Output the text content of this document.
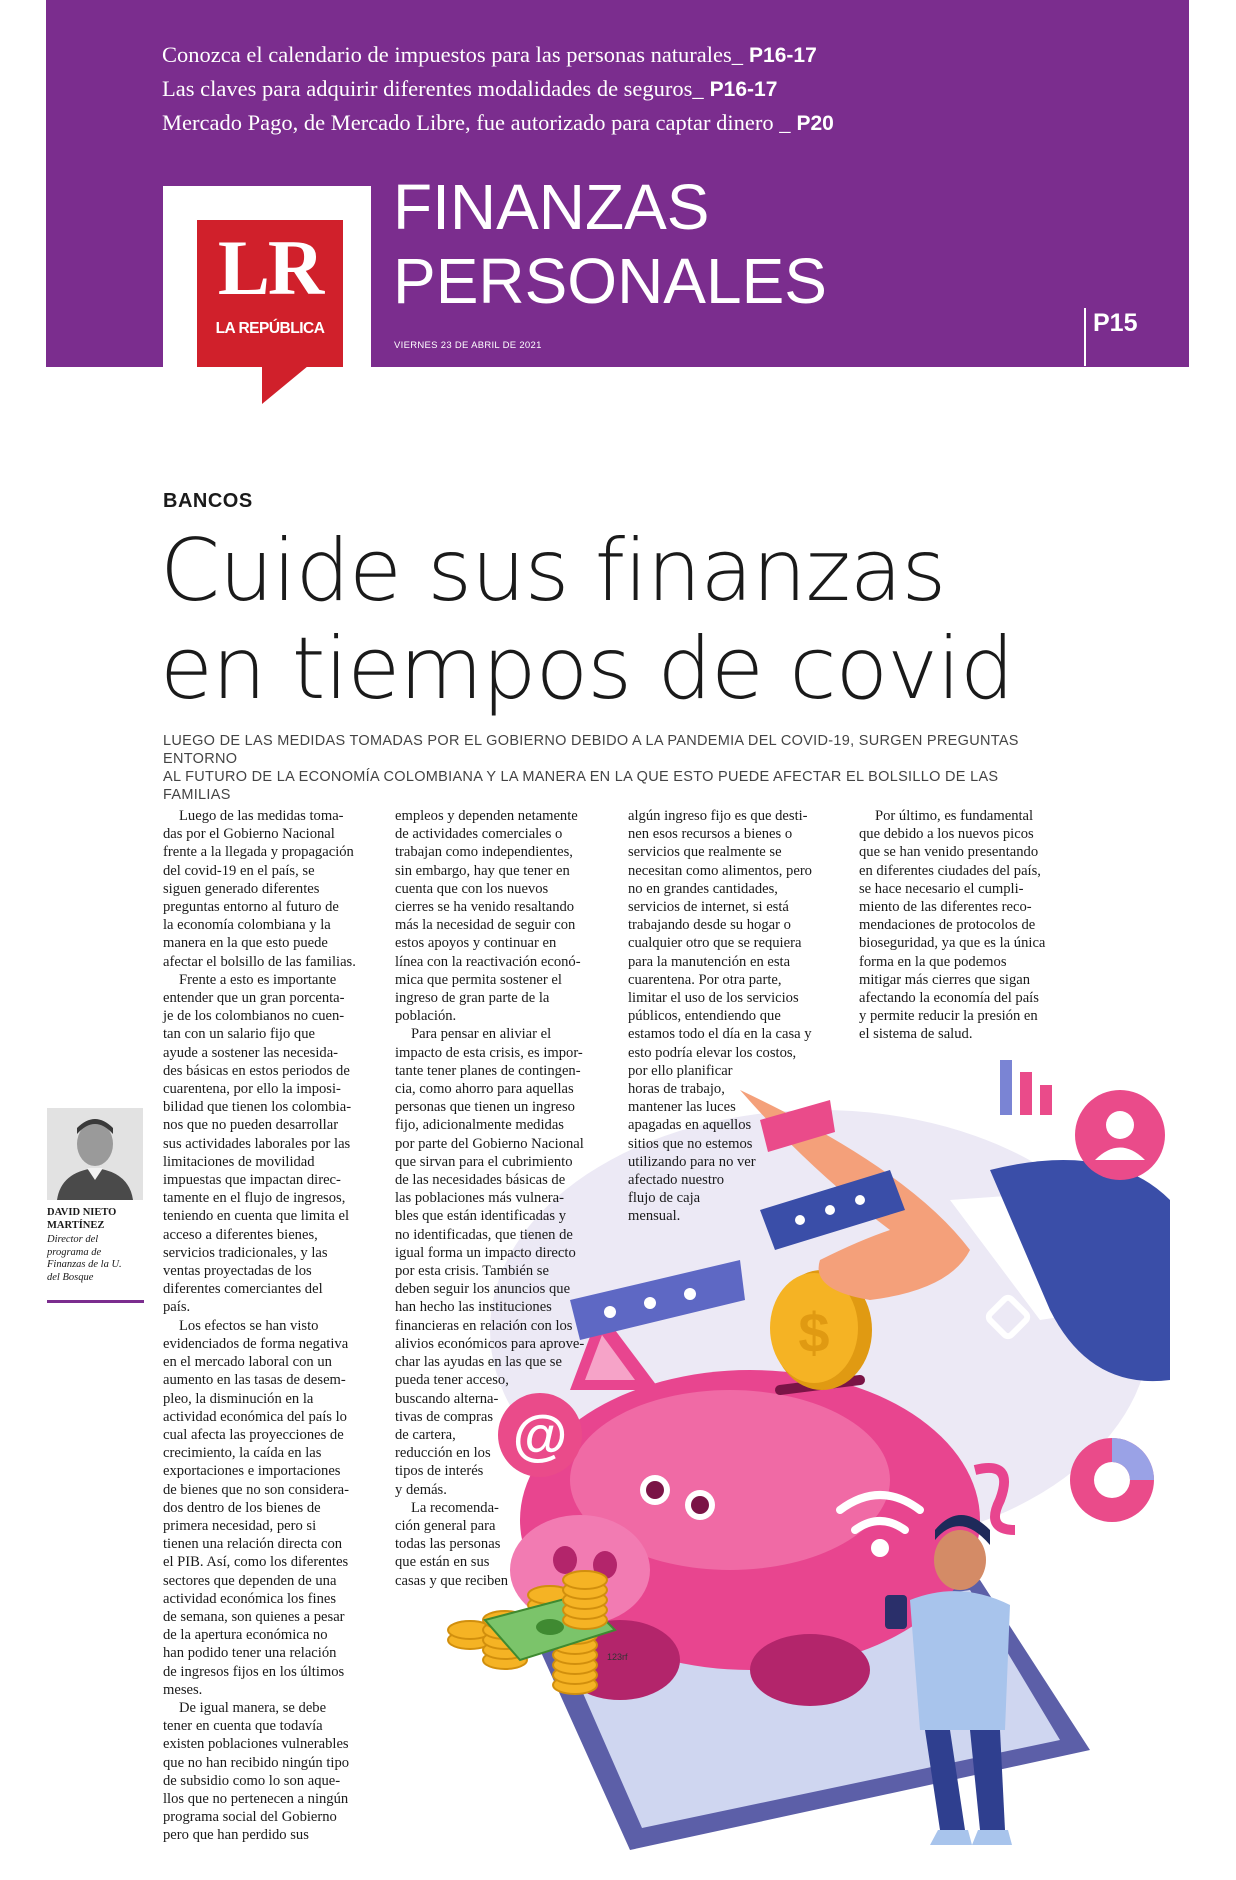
Conozca el calendario de impuestos para las personas naturales_ P16-17
Las claves para adquirir diferentes modalidades de seguros_ P16-17
Mercado Pago, de Mercado Libre, fue autorizado para captar dinero _ P20
LR
LA REPÚBLICA
FINANZAS
PERSONALES
VIERNES 23 DE ABRIL DE 2021
P15
BANCOS
Cuide sus finanzas
en tiempos de covid
LUEGO DE LAS MEDIDAS TOMADAS POR EL GOBIERNO DEBIDO A LA PANDEMIA DEL COVID-19, SURGEN PREGUNTAS ENTORNO
AL FUTURO DE LA ECONOMÍA COLOMBIANA Y LA MANERA EN LA QUE ESTO PUEDE AFECTAR EL BOLSILLO DE LAS FAMILIAS
DAVID NIETO
MARTÍNEZ
Director del
programa de
Finanzas de la U.
del Bosque
$
@
123rf
Luego de las medidas toma-
das por el Gobierno Nacional
frente a la llegada y propagación
del covid-19 en el país, se
siguen generado diferentes
preguntas entorno al futuro de
la economía colombiana y la
manera en la que esto puede
afectar el bolsillo de las familias.
Frente a esto es importante
entender que un gran porcenta-
je de los colombianos no cuen-
tan con un salario fijo que
ayude a sostener las necesida-
des básicas en estos periodos de
cuarentena, por ello la imposi-
bilidad que tienen los colombia-
nos que no pueden desarrollar
sus actividades laborales por las
limitaciones de movilidad
impuestas que impactan direc-
tamente en el flujo de ingresos,
teniendo en cuenta que limita el
acceso a diferentes bienes,
servicios tradicionales, y las
ventas proyectadas de los
diferentes comerciantes del
país.
Los efectos se han visto
evidenciados de forma negativa
en el mercado laboral con un
aumento en las tasas de desem-
pleo, la disminución en la
actividad económica del país lo
cual afecta las proyecciones de
crecimiento, la caída en las
exportaciones e importaciones
de bienes que no son considera-
dos dentro de los bienes de
primera necesidad, pero si
tienen una relación directa con
el PIB. Así, como los diferentes
sectores que dependen de una
actividad económica los fines
de semana, son quienes a pesar
de la apertura económica no
han podido tener una relación
de ingresos fijos en los últimos
meses.
De igual manera, se debe
tener en cuenta que todavía
existen poblaciones vulnerables
que no han recibido ningún tipo
de subsidio como lo son aque-
llos que no pertenecen a ningún
programa social del Gobierno
pero que han perdido sus
empleos y dependen netamente
de actividades comerciales o
trabajan como independientes,
sin embargo, hay que tener en
cuenta que con los nuevos
cierres se ha venido resaltando
más la necesidad de seguir con
estos apoyos y continuar en
línea con la reactivación econó-
mica que permita sostener el
ingreso de gran parte de la
población.
Para pensar en aliviar el
impacto de esta crisis, es impor-
tante tener planes de contingen-
cia, como ahorro para aquellas
personas que tienen un ingreso
fijo, adicionalmente medidas
por parte del Gobierno Nacional
que sirvan para el cubrimiento
de las necesidades básicas de
las poblaciones más vulnera-
bles que están identificadas y
no identificadas, que tienen de
igual forma un impacto directo
por esta crisis. También se
deben seguir los anuncios que
han hecho las instituciones
financieras en relación con los
alivios económicos para aprove-
char las ayudas en las que se
pueda tener acceso,
buscando alterna-
tivas de compras
de cartera,
reducción en los
tipos de interés
y demás.
La recomenda-
ción general para
todas las personas
que están en sus
casas y que reciben
algún ingreso fijo es que desti-
nen esos recursos a bienes o
servicios que realmente se
necesitan como alimentos, pero
no en grandes cantidades,
servicios de internet, si está
trabajando desde su hogar o
cualquier otro que se requiera
para la manutención en esta
cuarentena. Por otra parte,
limitar el uso de los servicios
públicos, entendiendo que
estamos todo el día en la casa y
esto podría elevar los costos,
por ello planificar
horas de trabajo,
mantener las luces
apagadas en aquellos
sitios que no estemos
utilizando para no ver
afectado nuestro
flujo de caja
mensual.
Por último, es fundamental
que debido a los nuevos picos
que se han venido presentando
en diferentes ciudades del país,
se hace necesario el cumpli-
miento de las diferentes reco-
mendaciones de protocolos de
bioseguridad, ya que es la única
forma en la que podemos
mitigar más cierres que sigan
afectando la economía del país
y permite reducir la presión en
el sistema de salud.
